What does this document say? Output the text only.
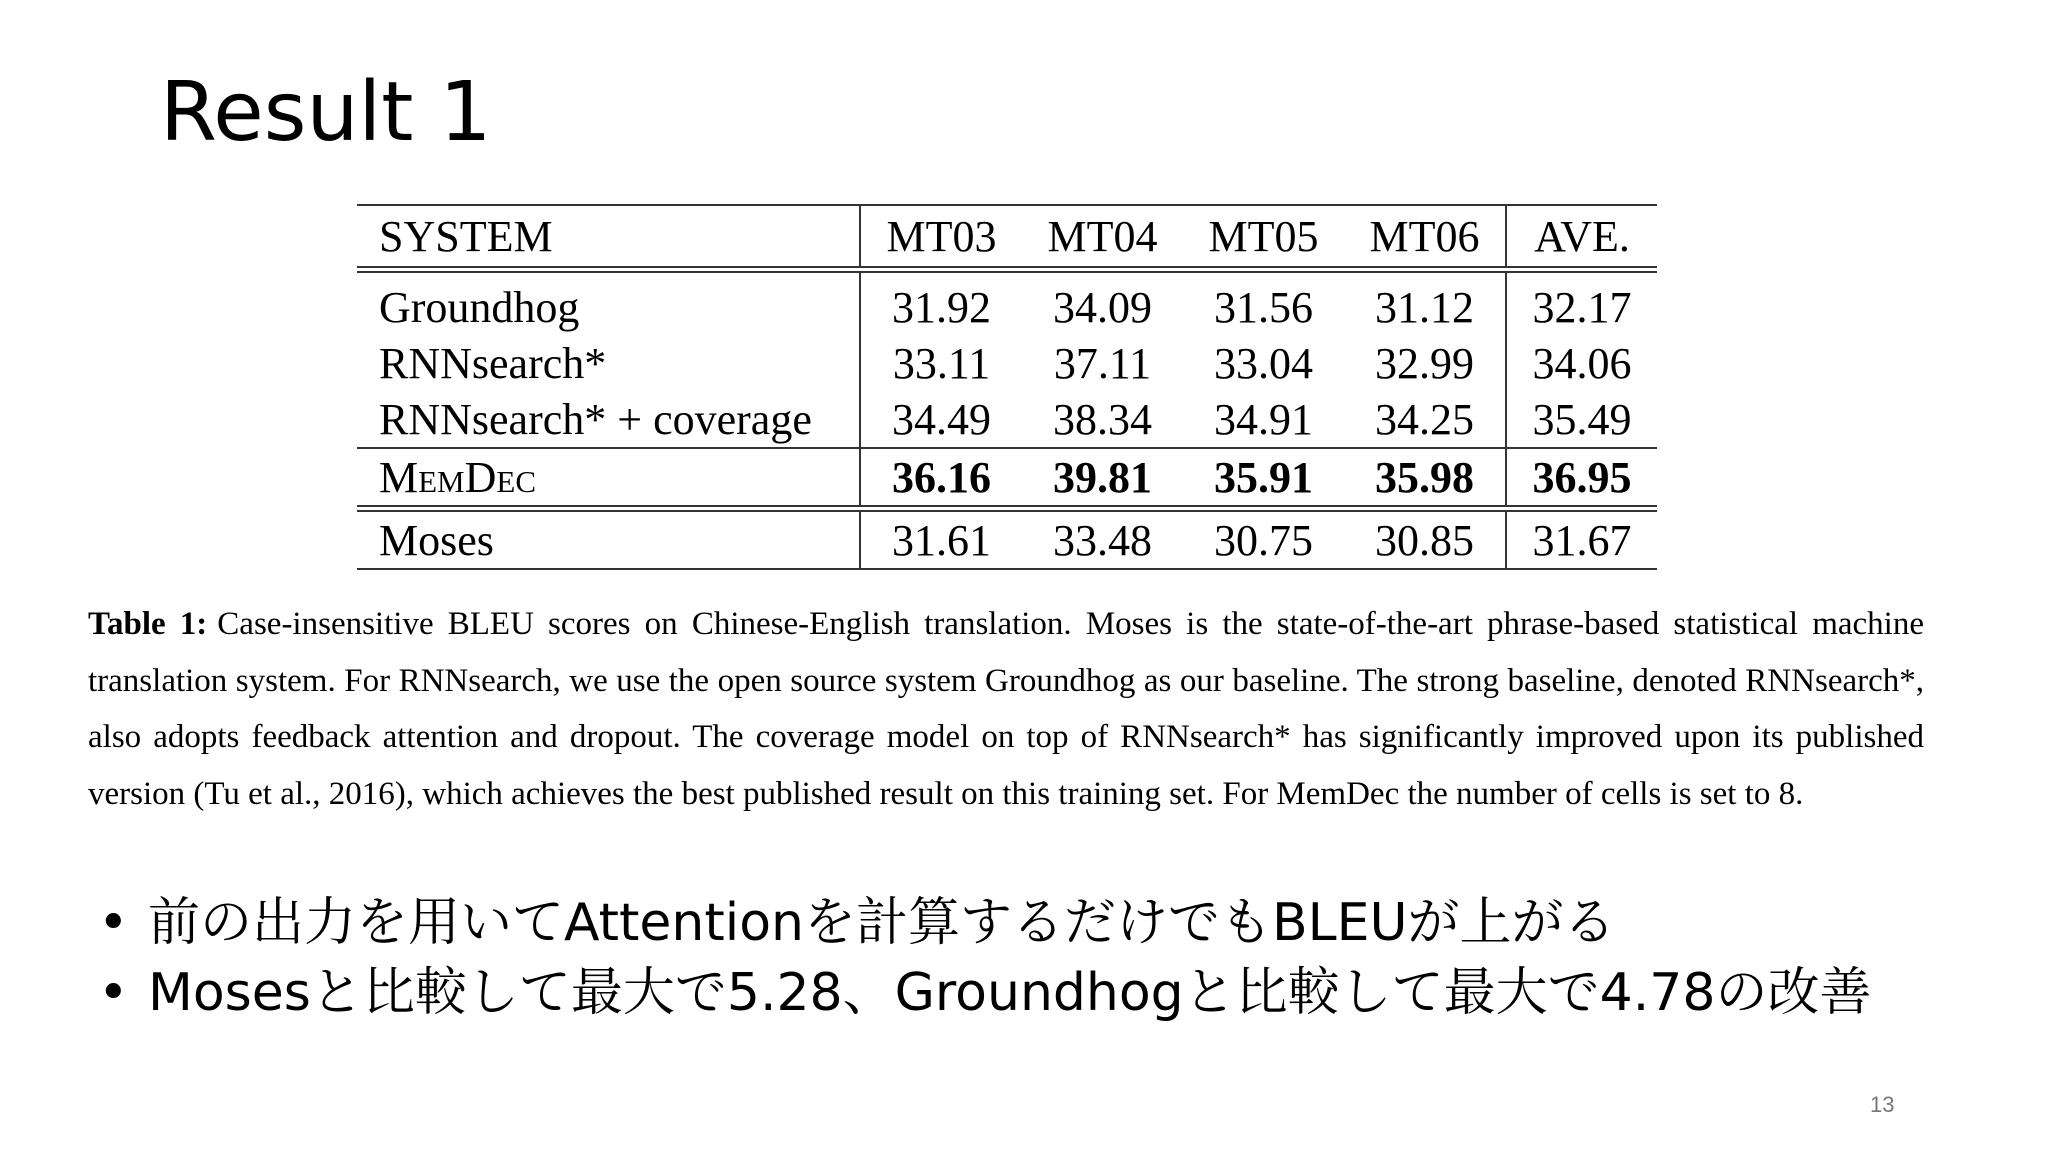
Result 1
SYSTEM	MT03	MT04	MT05	MT06	AVE.
Groundhog	31.92	34.09	31.56	31.12	32.17
RNNsearch*	33.11	37.11	33.04	32.99	34.06
RNNsearch* + coverage	34.49	38.34	34.91	34.25	35.49
MemDec	36.16	39.81	35.91	35.98	36.95
Moses	31.61	33.48	30.75	30.85	31.67
Table 1: Case-insensitive BLEU scores on Chinese-English translation. Moses is the state-of-the-art phrase-based statistical machine translation system. For RNNsearch, we use the open source system Groundhog as our baseline. The strong baseline, denoted RNNsearch*, also adopts feedback attention and dropout. The coverage model on top of RNNsearch* has significantly improved upon its published version (Tu et al., 2016), which achieves the best published result on this training set. For MemDec the number of cells is set to 8.
• 前の出力を用いてAttentionを計算するだけでもBLEUが上がる
• Mosesと比較して最大で5.28、Groundhogと比較して最大で4.78の改善
13
